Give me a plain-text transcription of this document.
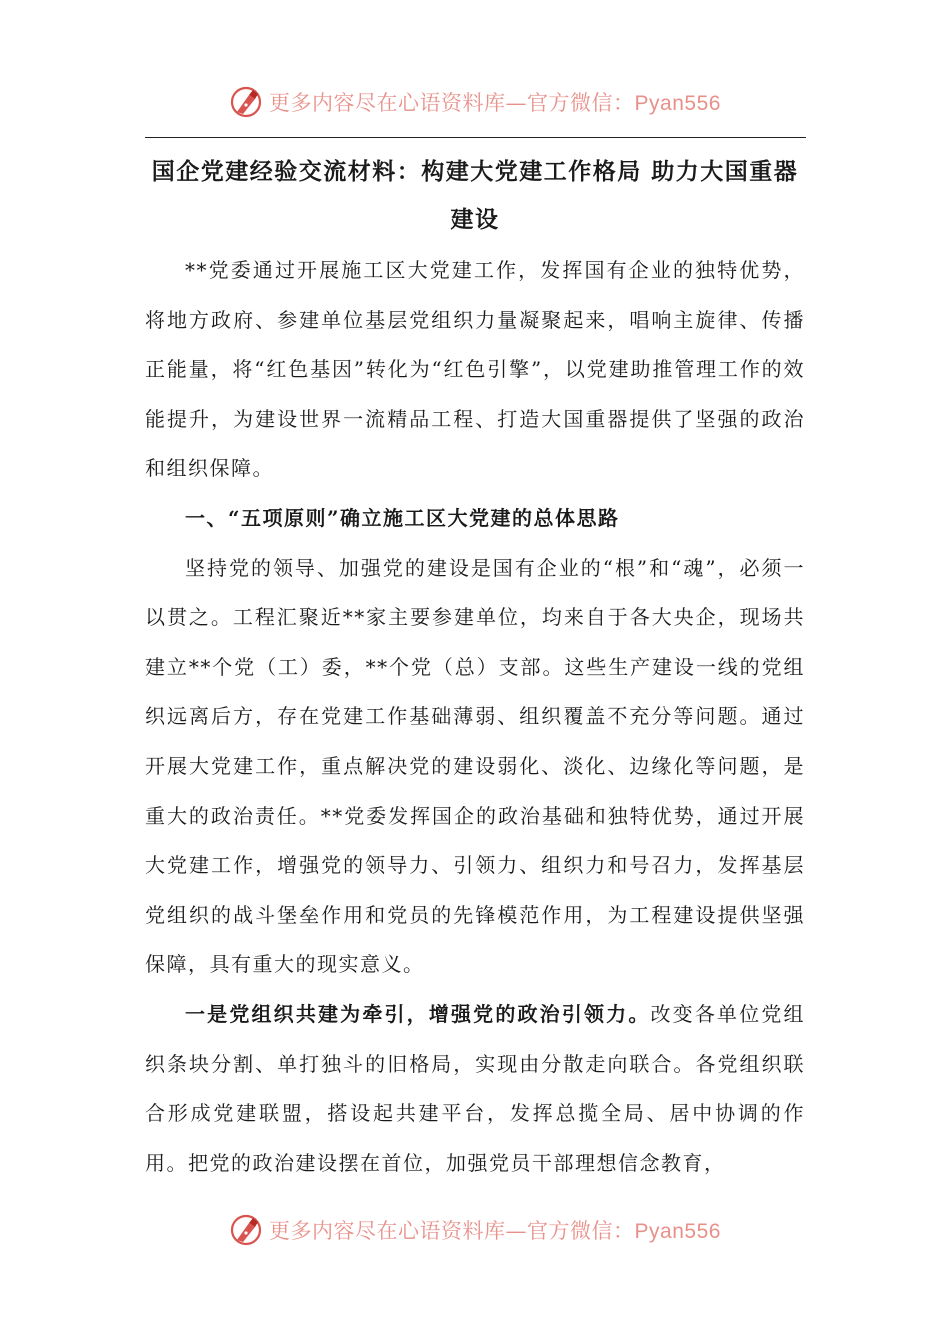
更多内容尽在心语资料库—官方微信：Pyan556
国企党建经验交流材料：构建大党建工作格局 助力大国重器建设

**党委通过开展施工区大党建工作，发挥国有企业的独特优势，将地方政府、参建单位基层党组织力量凝聚起来，唱响主旋律、传播正能量，将“红色基因”转化为“红色引擎”，以党建助推管理工作的效能提升，为建设世界一流精品工程、打造大国重器提供了坚强的政治和组织保障。

一、“五项原则”确立施工区大党建的总体思路

坚持党的领导、加强党的建设是国有企业的“根”和“魂”，必须一以贯之。工程汇聚近**家主要参建单位，均来自于各大央企，现场共建立**个党（工）委，**个党（总）支部。这些生产建设一线的党组织远离后方，存在党建工作基础薄弱、组织覆盖不充分等问题。通过开展大党建工作，重点解决党的建设弱化、淡化、边缘化等问题，是重大的政治责任。**党委发挥国企的政治基础和独特优势，通过开展大党建工作，增强党的领导力、引领力、组织力和号召力，发挥基层党组织的战斗堡垒作用和党员的先锋模范作用，为工程建设提供坚强保障，具有重大的现实意义。

一是党组织共建为牵引，增强党的政治引领力。改变各单位党组织条块分割、单打独斗的旧格局，实现由分散走向联合。各党组织联合形成党建联盟，搭设起共建平台，发挥总揽全局、居中协调的作用。把党的政治建设摆在首位，加强党员干部理想信念教育，

更多内容尽在心语资料库—官方微信：Pyan556
